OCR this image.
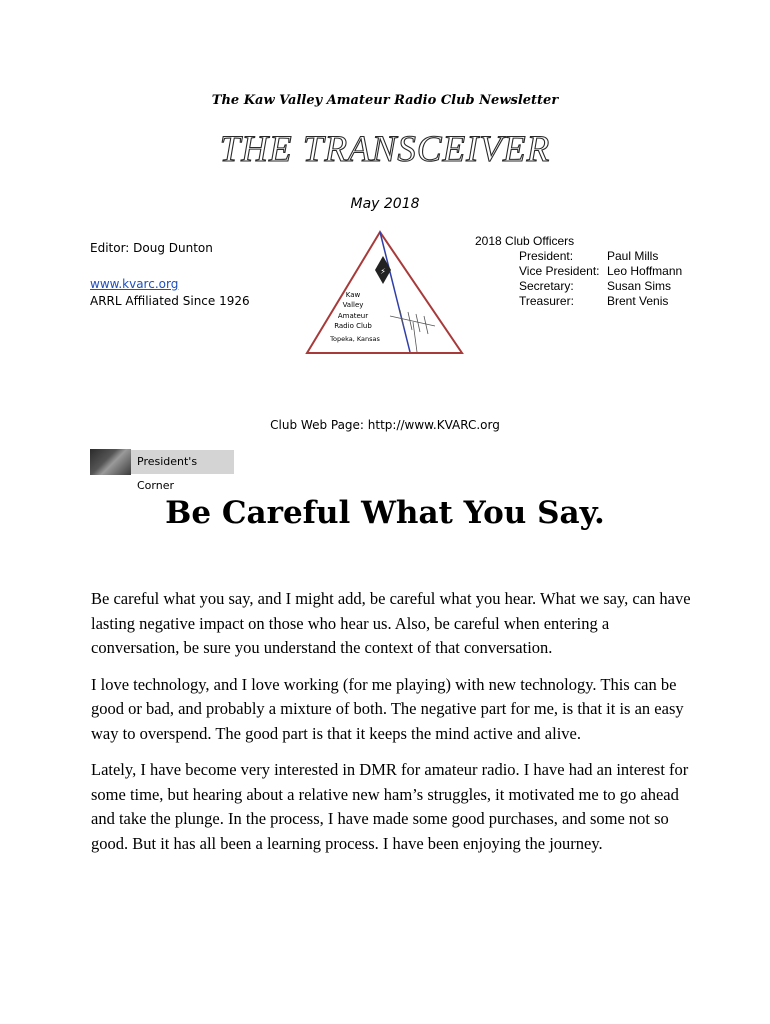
The Kaw Valley Amateur Radio Club Newsletter
THE TRANSCEIVER
May 2018
Editor: Doug Dunton
www.kvarc.org
ARRL Affiliated Since 1926
⚡
Kaw
Valley
Amateur
Radio Club
Topeka, Kansas
2018 Club Officers
President:	Paul Mills
Vice President: Leo Hoffmann
Secretary:	Susan Sims
Treasurer:	Brent Venis
Club Web Page: http://www.KVARC.org
President's Corner
Be Careful What You Say.

Be careful what you say, and I might add, be careful what you hear. What we say, can have lasting negative impact on those who hear us. Also, be careful when entering a conversation, be sure you understand the context of that conversation.

I love technology, and I love working (for me playing) with new technology. This can be good or bad, and probably a mixture of both. The negative part for me, is that it is an easy way to overspend. The good part is that it keeps the mind active and alive.

Lately, I have become very interested in DMR for amateur radio. I have had an interest for some time, but hearing about a relative new ham’s struggles, it motivated me to go ahead and take the plunge. In the process, I have made some good purchases, and some not so good. But it has all been a learning process. I have been enjoying the journey.
